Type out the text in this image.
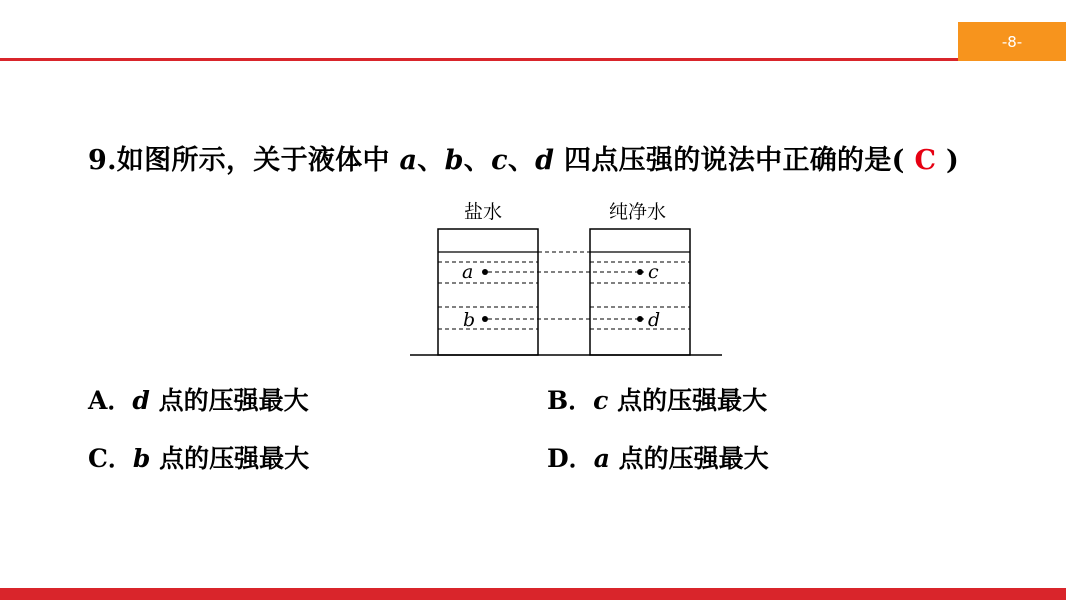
-8-
9.如图所示，关于液体中 a、b、c、d 四点压强的说法中正确的是( C )
盐水	纯净水
a
b
c
d
A．d 点的压强最大	B．c 点的压强最大
C．b 点的压强最大	D．a 点的压强最大
